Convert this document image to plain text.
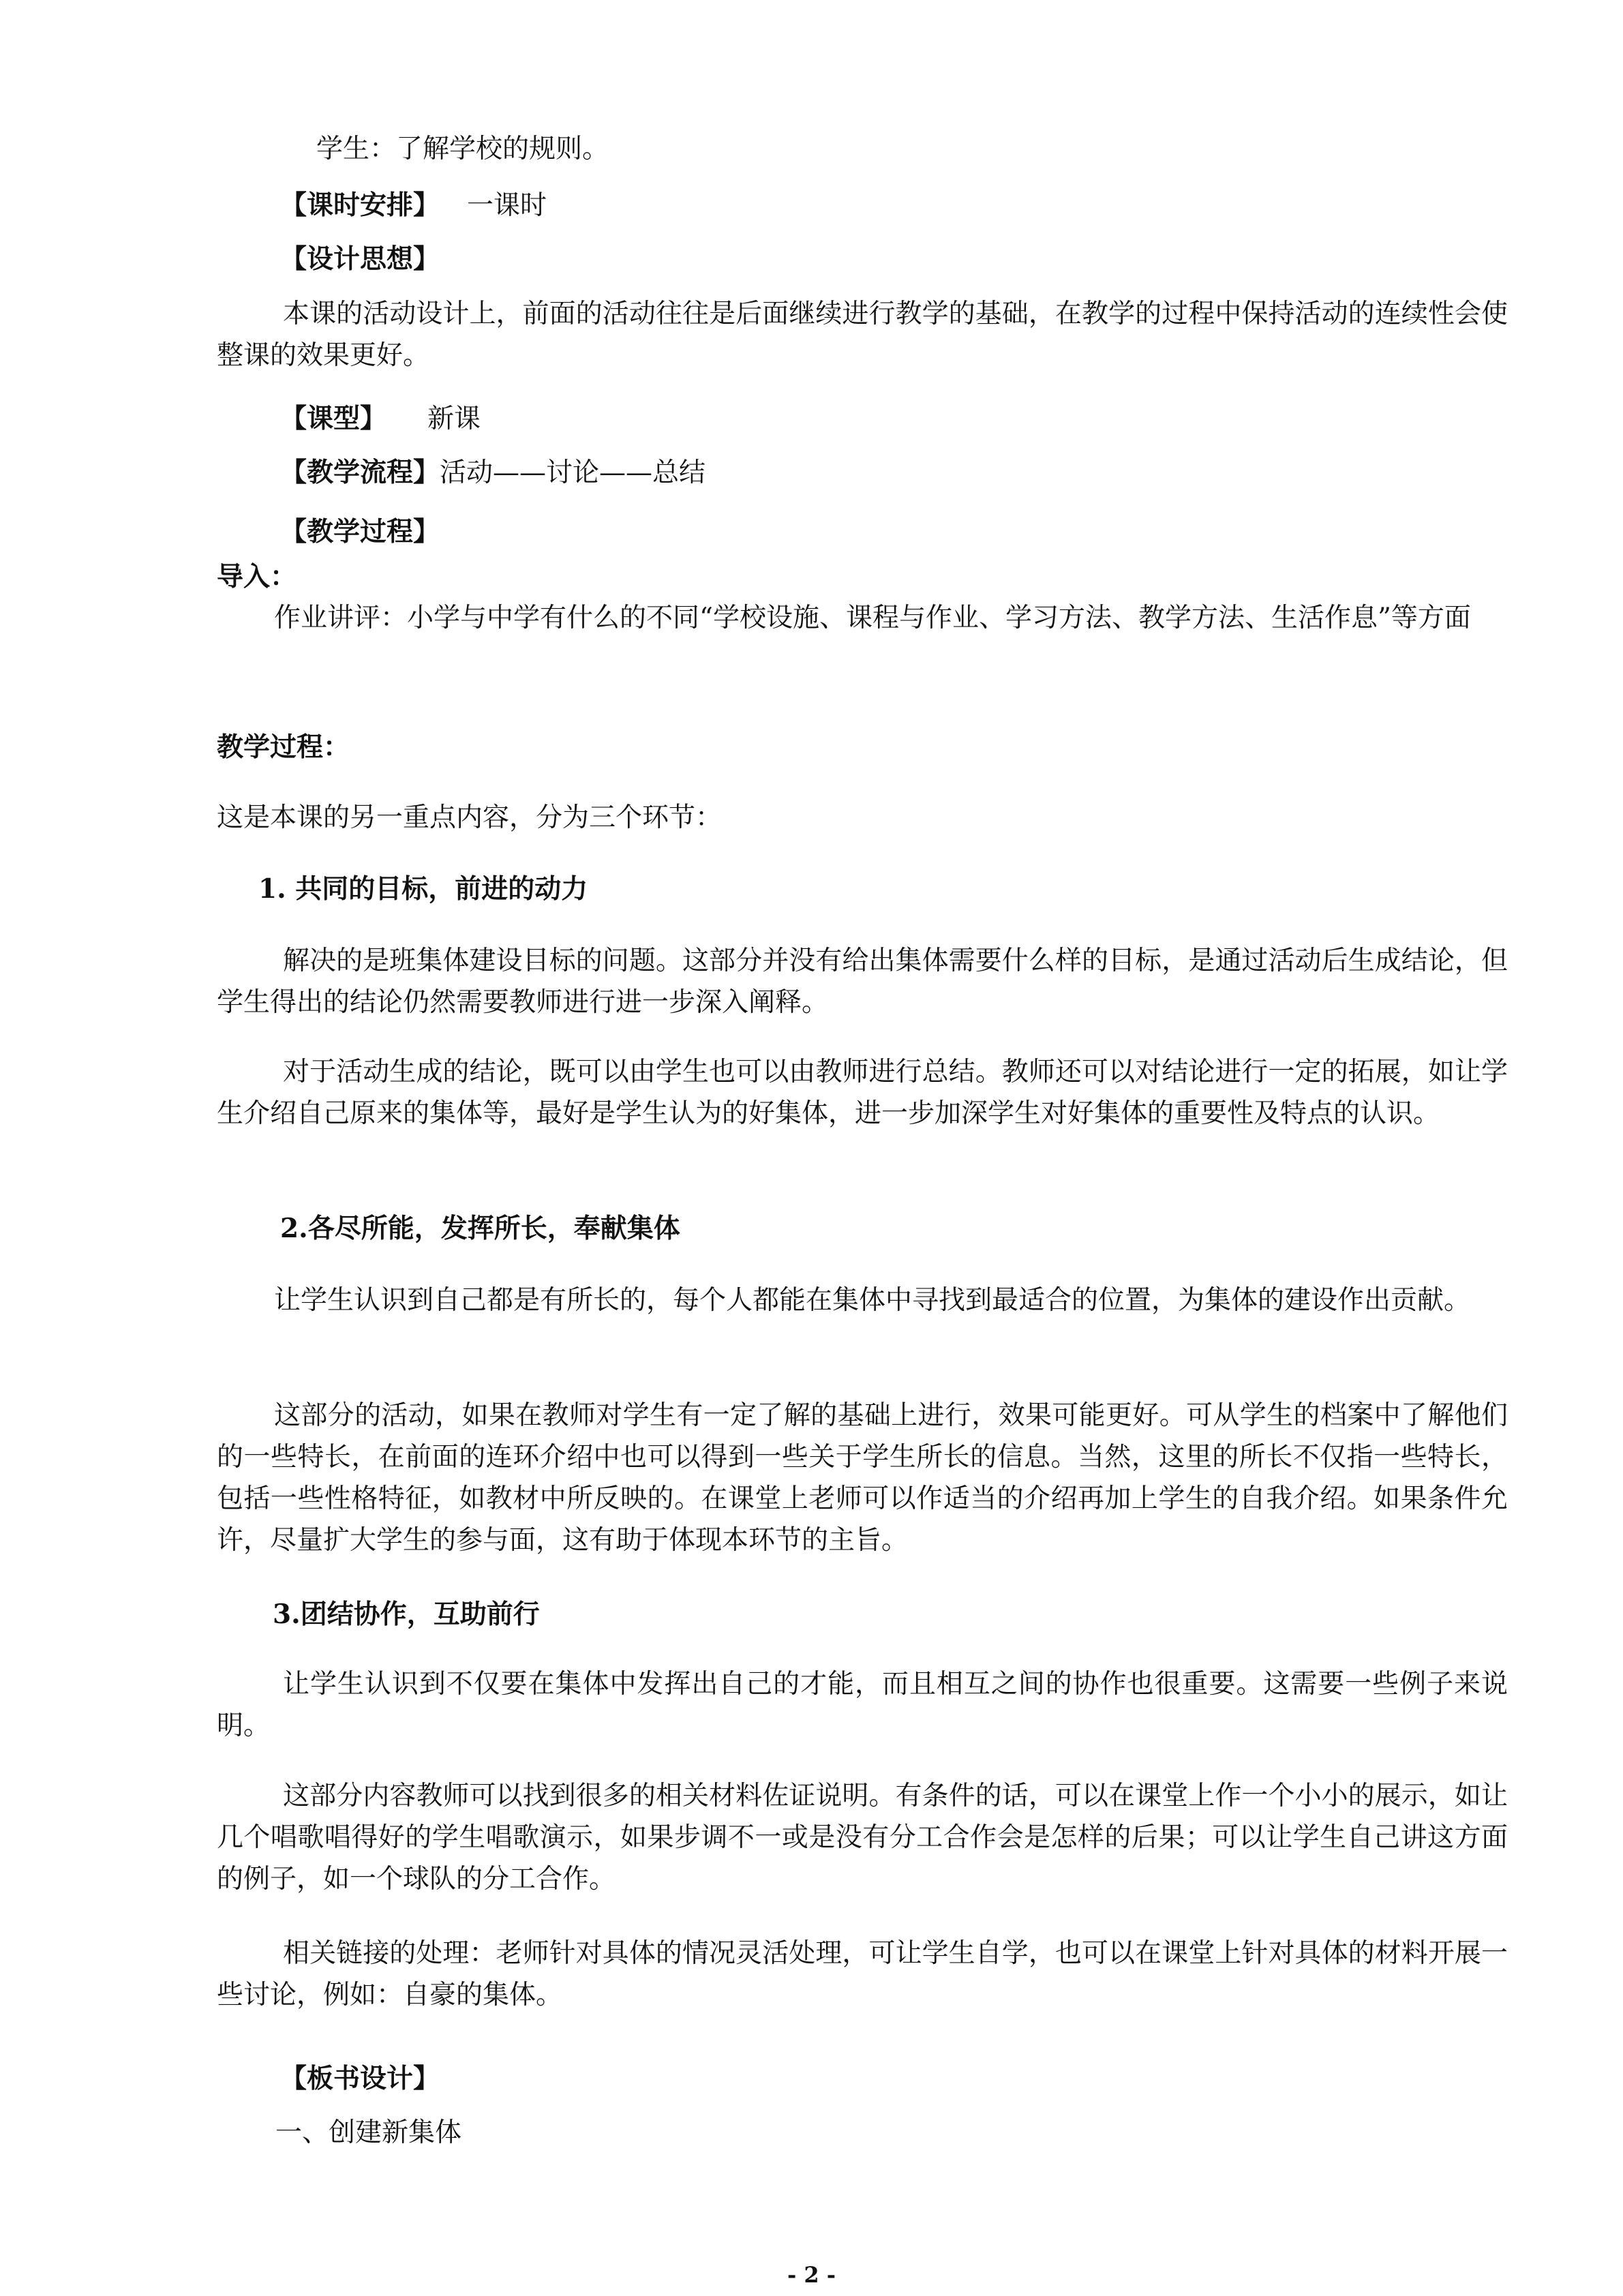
学生：了解学校的规则。

【课时安排】 一课时

【设计思想】

本课的活动设计上，前面的活动往往是后面继续进行教学的基础，在教学的过程中保持活动的连续性会使整课的效果更好。

【课型】 新课

【教学流程】活动——讨论——总结

【教学过程】

导入：

作业讲评：小学与中学有什么的不同“学校设施、课程与作业、学习方法、教学方法、生活作息”等方面

教学过程：

这是本课的另一重点内容，分为三个环节：

1. 共同的目标，前进的动力

解决的是班集体建设目标的问题。这部分并没有给出集体需要什么样的目标，是通过活动后生成结论，但学生得出的结论仍然需要教师进行进一步深入阐释。

对于活动生成的结论，既可以由学生也可以由教师进行总结。教师还可以对结论进行一定的拓展，如让学生介绍自己原来的集体等，最好是学生认为的好集体，进一步加深学生对好集体的重要性及特点的认识。

2.各尽所能，发挥所长，奉献集体

让学生认识到自己都是有所长的，每个人都能在集体中寻找到最适合的位置，为集体的建设作出贡献。

这部分的活动，如果在教师对学生有一定了解的基础上进行，效果可能更好。可从学生的档案中了解他们的一些特长，在前面的连环介绍中也可以得到一些关于学生所长的信息。当然，这里的所长不仅指一些特长，包括一些性格特征，如教材中所反映的。在课堂上老师可以作适当的介绍再加上学生的自我介绍。如果条件允许，尽量扩大学生的参与面，这有助于体现本环节的主旨。

3.团结协作，互助前行

让学生认识到不仅要在集体中发挥出自己的才能，而且相互之间的协作也很重要。这需要一些例子来说明。

这部分内容教师可以找到很多的相关材料佐证说明。有条件的话，可以在课堂上作一个小小的展示，如让几个唱歌唱得好的学生唱歌演示，如果步调不一或是没有分工合作会是怎样的后果；可以让学生自己讲这方面的例子，如一个球队的分工合作。

相关链接的处理：老师针对具体的情况灵活处理，可让学生自学，也可以在课堂上针对具体的材料开展一些讨论，例如：自豪的集体。

【板书设计】

一、创建新集体

- 2 -
